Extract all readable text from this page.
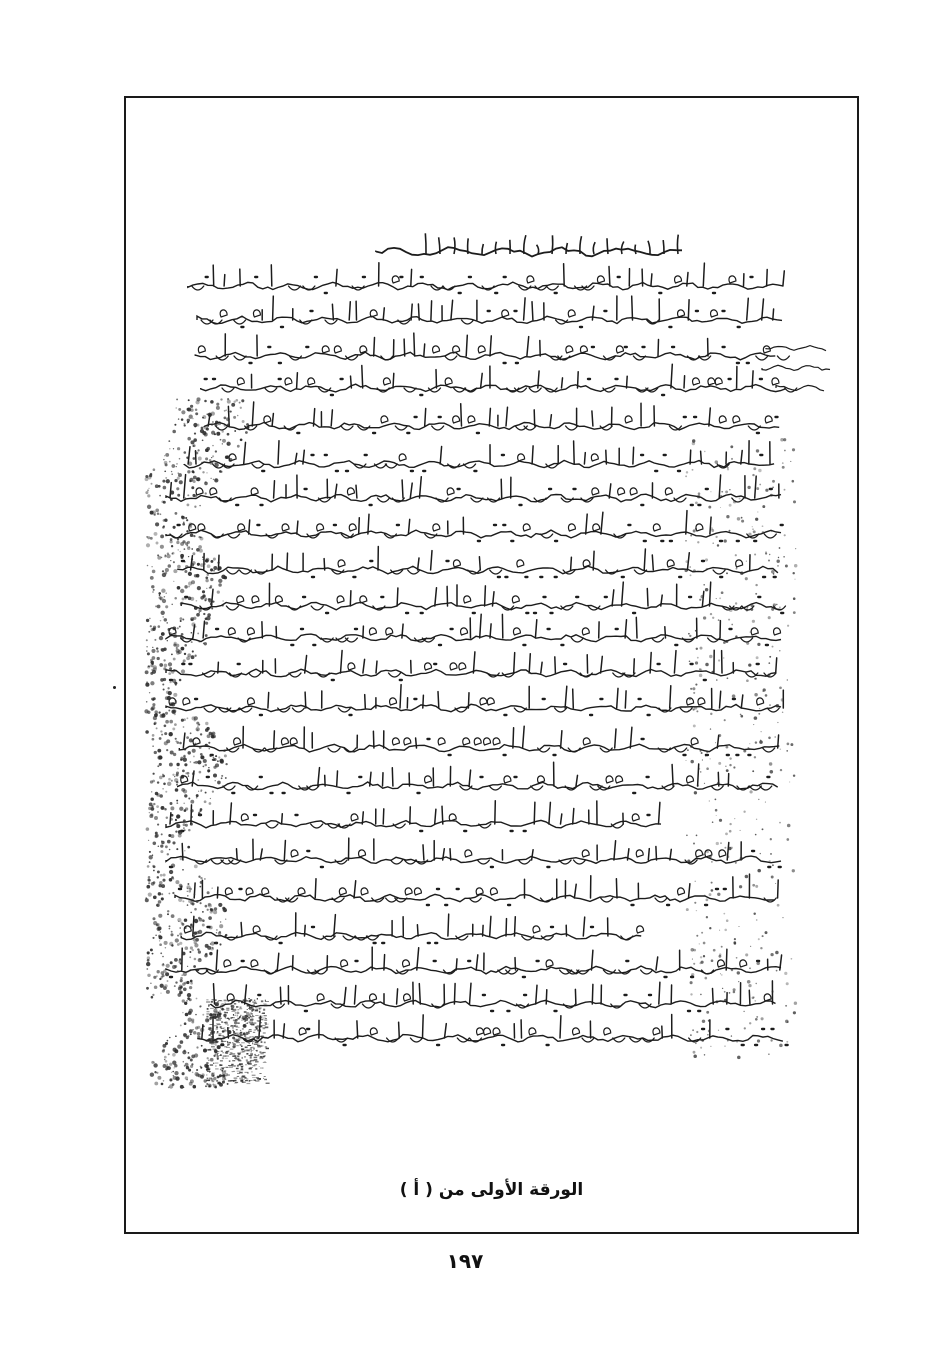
الورقة الأولى من ( أ )
١٩٧
